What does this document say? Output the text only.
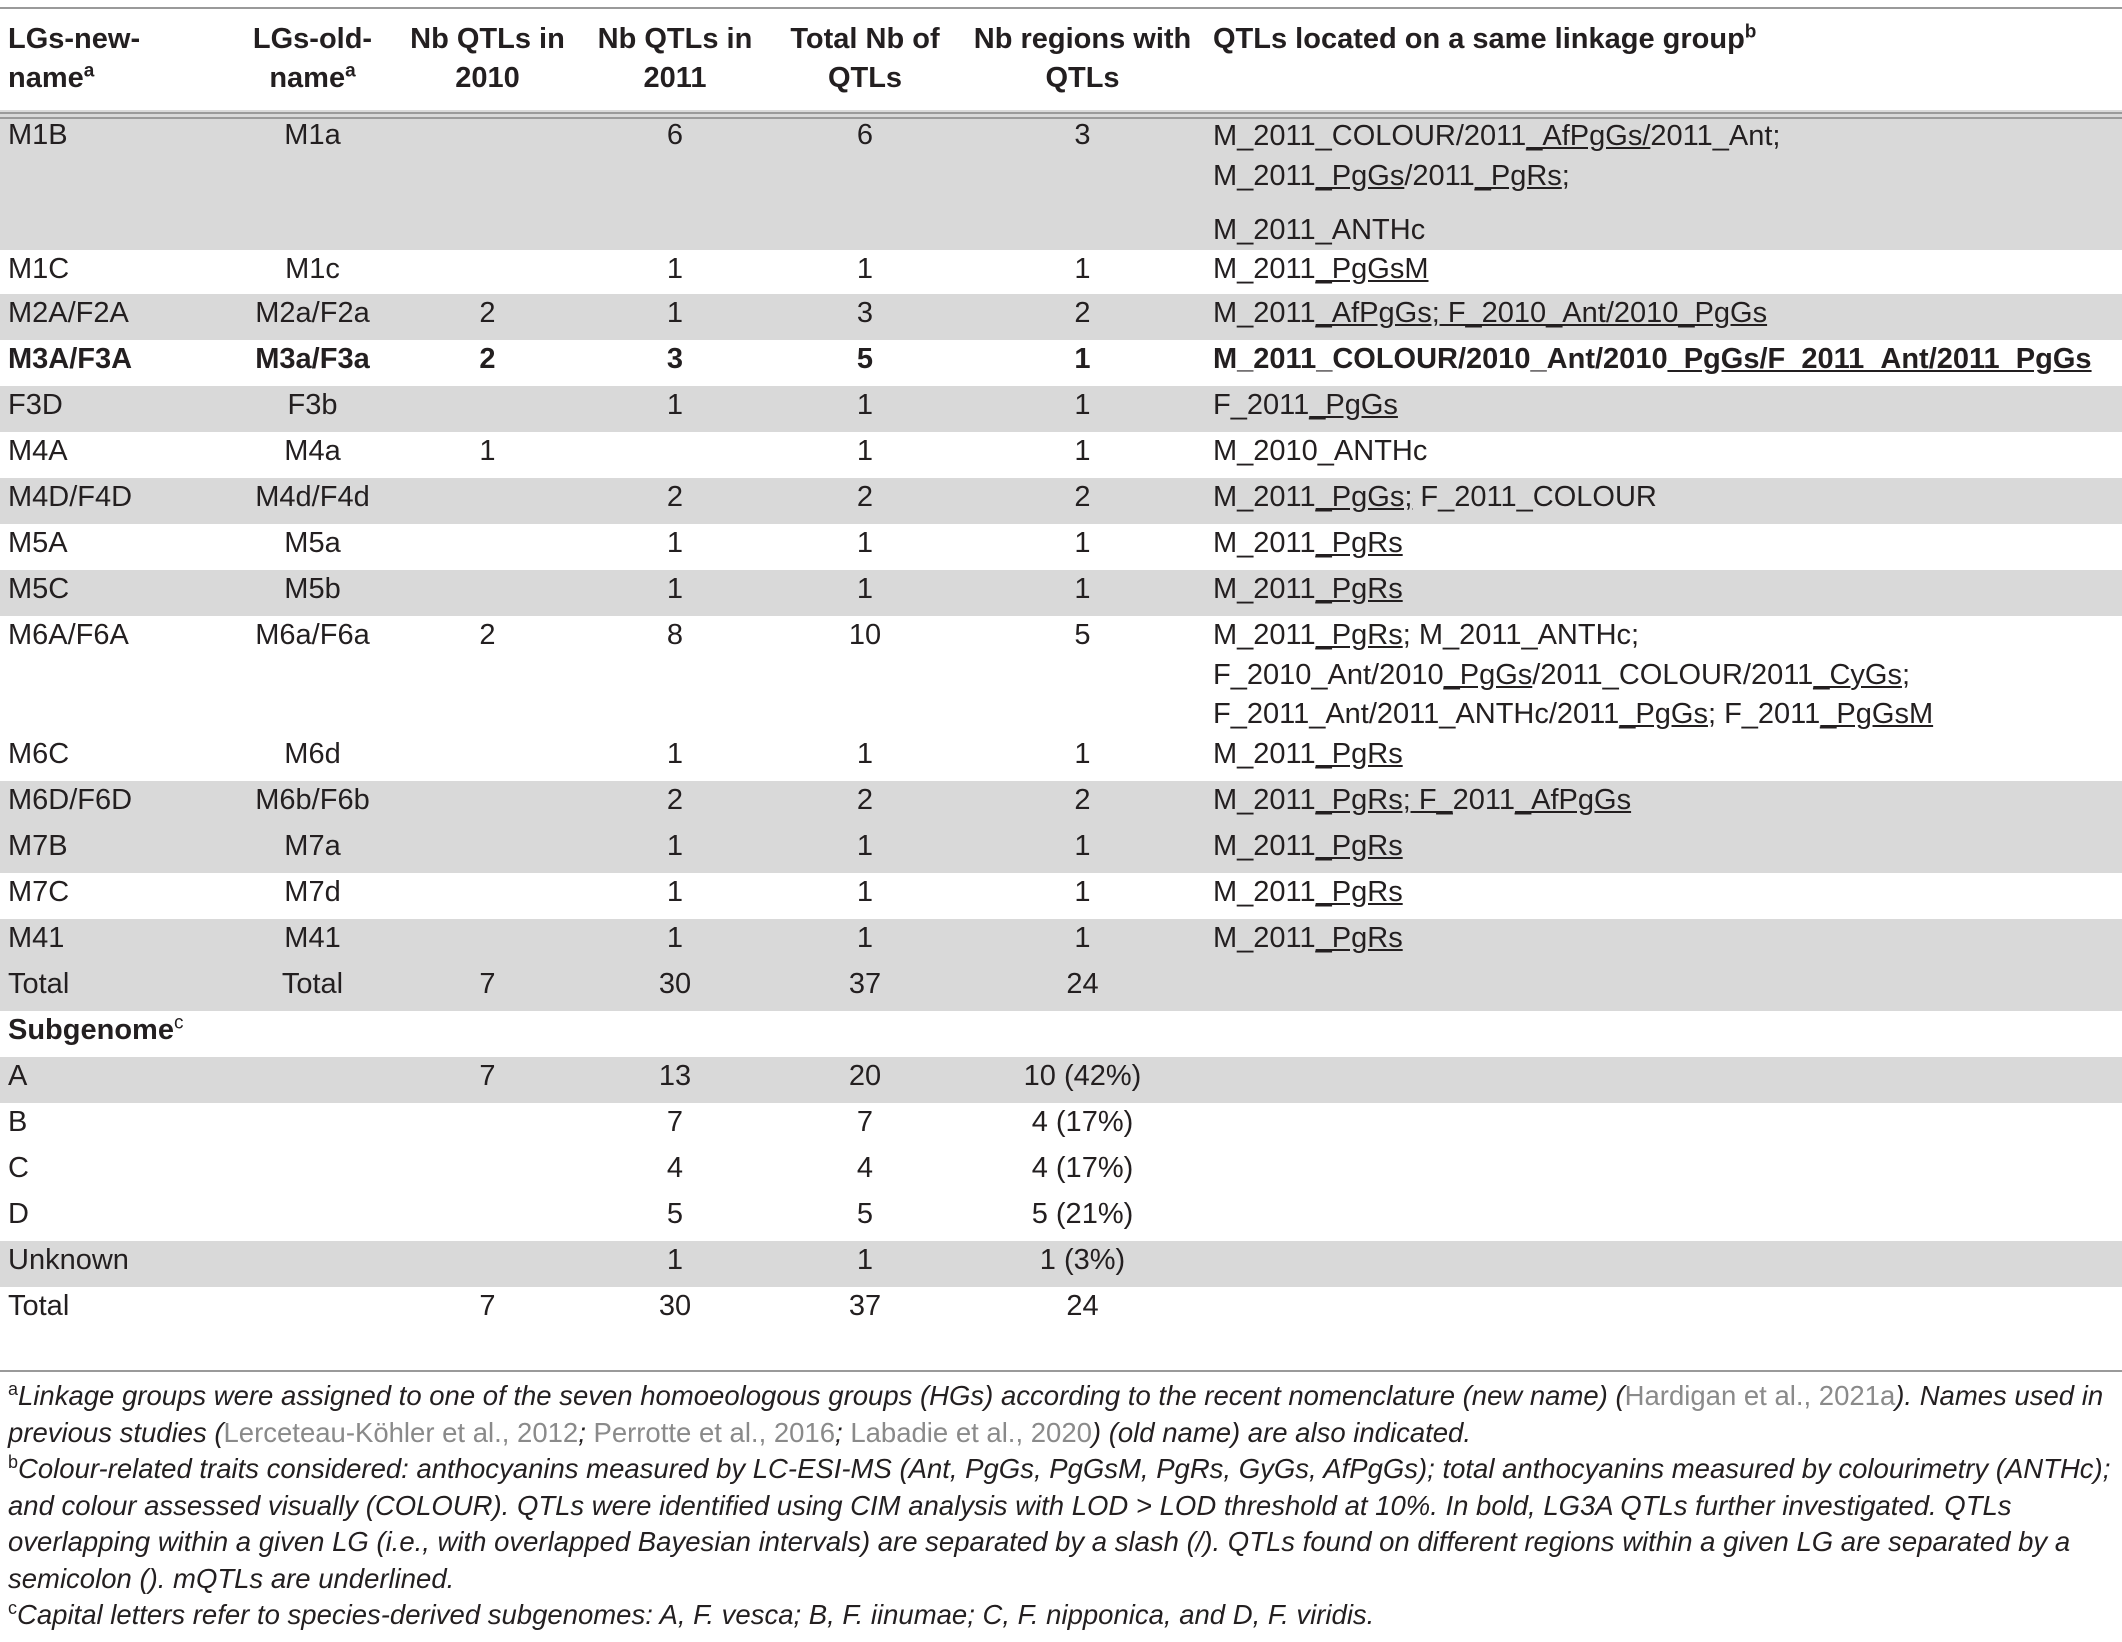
LGs-new-name$^a$	LGs-old-name$^a$	Nb QTLs in 2010	Nb QTLs in 2011	Total Nb of QTLs	Nb regions with QTLs	QTLs located on a same linkage group$^b$
M1B	M1a		6	6	3	M_2011_COLOUR/2011_AfPgGs/2011_Ant;
M_2011_PgGs/2011_PgRs;
M_2011_ANTHc

M1C	M1c		1	1	1	M_2011_PgGsM
M2A/F2A	M2a/F2a	2	1	3	2	M_2011_AfPgGs; F_2010_Ant/2010_PgGs
M3A/F3A	M3a/F3a	2	3	5	1	M_2011_COLOUR/2010_Ant/2010_PgGs/F_2011_Ant/2011_PgGs
F3D	F3b		1	1	1	F_2011_PgGs
M4A	M4a	1		1	1	M_2010_ANTHc
M4D/F4D	M4d/F4d		2	2	2	M_2011_PgGs; F_2011_COLOUR
M5A	M5a		1	1	1	M_2011_PgRs
M5C	M5b		1	1	1	M_2011_PgRs
M6A/F6A	M6a/F6a	2	8	10	5	M_2011_PgRs; M_2011_ANTHc;
F_2010_Ant/2010_PgGs/2011_COLOUR/2011_CyGs;
F_2011_Ant/2011_ANTHc/2011_PgGs; F_2011_PgGsM

M6C	M6d		1	1	1	M_2011_PgRs
M6D/F6D	M6b/F6b		2	2	2	M_2011_PgRs; F_2011_AfPgGs
M7B	M7a		1	1	1	M_2011_PgRs
M7C	M7d		1	1	1	M_2011_PgRs
M41	M41		1	1	1	M_2011_PgRs
Total	Total	7	30	37	24	
Subgenome$^c$
A		7	13	20	10 (42%)	
B			7	7	4 (17%)	
C			4	4	4 (17%)	
D			5	5	5 (21%)	
Unknown			1	1	1 (3%)	
Total		7	30	37	24	

$^a$Linkage groups were assigned to one of the seven homoeologous groups (HGs) according to the recent nomenclature (new name) (Hardigan et al., 2021a). Names used in previous studies (Lerceteau-Köhler et al., 2012; Perrotte et al., 2016; Labadie et al., 2020) (old name) are also indicated.

$^b$Colour-related traits considered: anthocyanins measured by LC-ESI-MS (Ant, PgGs, PgGsM, PgRs, GyGs, AfPgGs); total anthocyanins measured by colourimetry (ANTHc); and colour assessed visually (COLOUR). QTLs were identified using CIM analysis with LOD > LOD threshold at 10%. In bold, LG3A QTLs further investigated. QTLs overlapping within a given LG (i.e., with overlapped Bayesian intervals) are separated by a slash (/). QTLs found on different regions within a given LG are separated by a semicolon (). mQTLs are underlined.

$^c$Capital letters refer to species-derived subgenomes: A, F. vesca; B, F. iinumae; C, F. nipponica, and D, F. viridis.
